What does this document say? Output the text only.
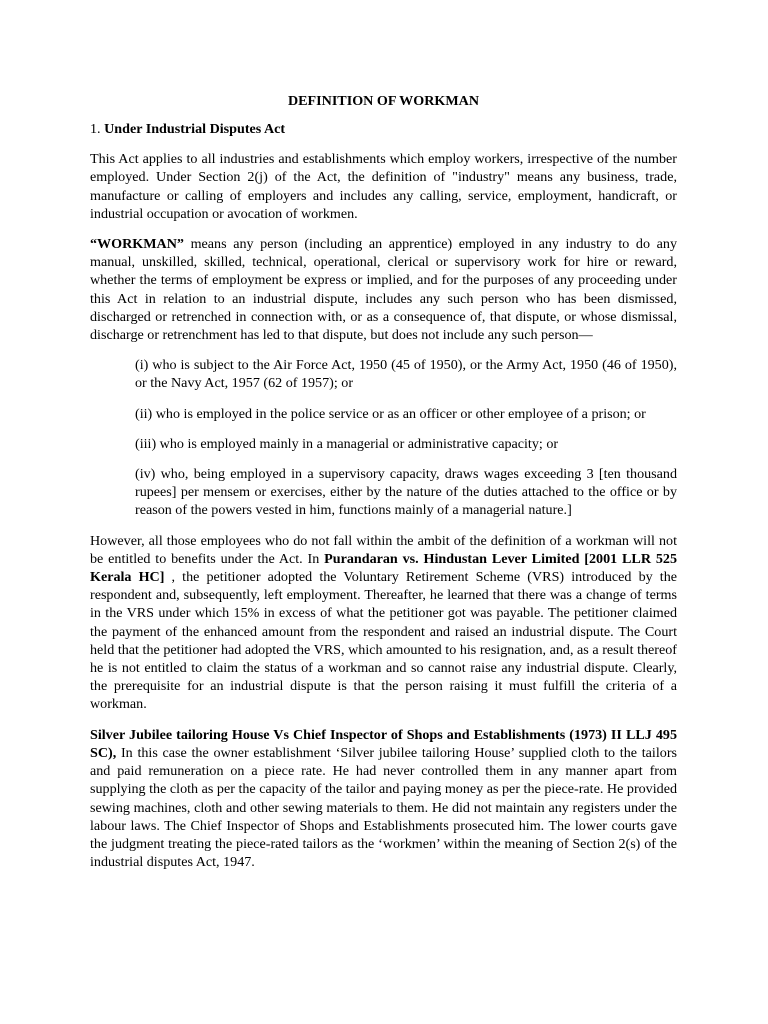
DEFINITION OF WORKMAN
1. Under Industrial Disputes Act

This Act applies to all industries and establishments which employ workers, irrespective of the number employed. Under Section 2(j) of the Act, the definition of "industry" means any business, trade, manufacture or calling of employers and includes any calling, service, employment, handicraft, or industrial occupation or avocation of workmen.

“WORKMAN” means any person (including an apprentice) employed in any industry to do any manual, unskilled, skilled, technical, operational, clerical or supervisory work for hire or reward, whether the terms of employment be express or implied, and for the purposes of any proceeding under this Act in relation to an industrial dispute, includes any such person who has been dismissed, discharged or retrenched in connection with, or as a consequence of, that dispute, or whose dismissal, discharge or retrenchment has led to that dispute, but does not include any such person—

(i) who is subject to the Air Force Act, 1950 (45 of 1950), or the Army Act, 1950 (46 of 1950), or the Navy Act, 1957 (62 of 1957); or

(ii) who is employed in the police service or as an officer or other employee of a prison; or

(iii) who is employed mainly in a managerial or administrative capacity; or

(iv) who, being employed in a supervisory capacity, draws wages exceeding 3 [ten thousand rupees] per mensem or exercises, either by the nature of the duties attached to the office or by reason of the powers vested in him, functions mainly of a managerial nature.]

However, all those employees who do not fall within the ambit of the definition of a workman will not be entitled to benefits under the Act. In Purandaran vs. Hindustan Lever Limited [2001 LLR 525 Kerala HC] , the petitioner adopted the Voluntary Retirement Scheme (VRS) introduced by the respondent and, subsequently, left employment. Thereafter, he learned that there was a change of terms in the VRS under which 15% in excess of what the petitioner got was payable. The petitioner claimed the payment of the enhanced amount from the respondent and raised an industrial dispute. The Court held that the petitioner had adopted the VRS, which amounted to his resignation, and, as a result thereof he is not entitled to claim the status of a workman and so cannot raise any industrial dispute. Clearly, the prerequisite for an industrial dispute is that the person raising it must fulfill the criteria of a workman.

Silver Jubilee tailoring House Vs Chief Inspector of Shops and Establishments (1973) II LLJ 495 SC), In this case the owner establishment ‘Silver jubilee tailoring House’ supplied cloth to the tailors and paid remuneration on a piece rate. He had never controlled them in any manner apart from supplying the cloth as per the capacity of the tailor and paying money as per the piece-rate. He provided sewing machines, cloth and other sewing materials to them. He did not maintain any registers under the labour laws. The Chief Inspector of Shops and Establishments prosecuted him. The lower courts gave the judgment treating the piece-rated tailors as the ‘workmen’ within the meaning of Section 2(s) of the industrial disputes Act, 1947.
